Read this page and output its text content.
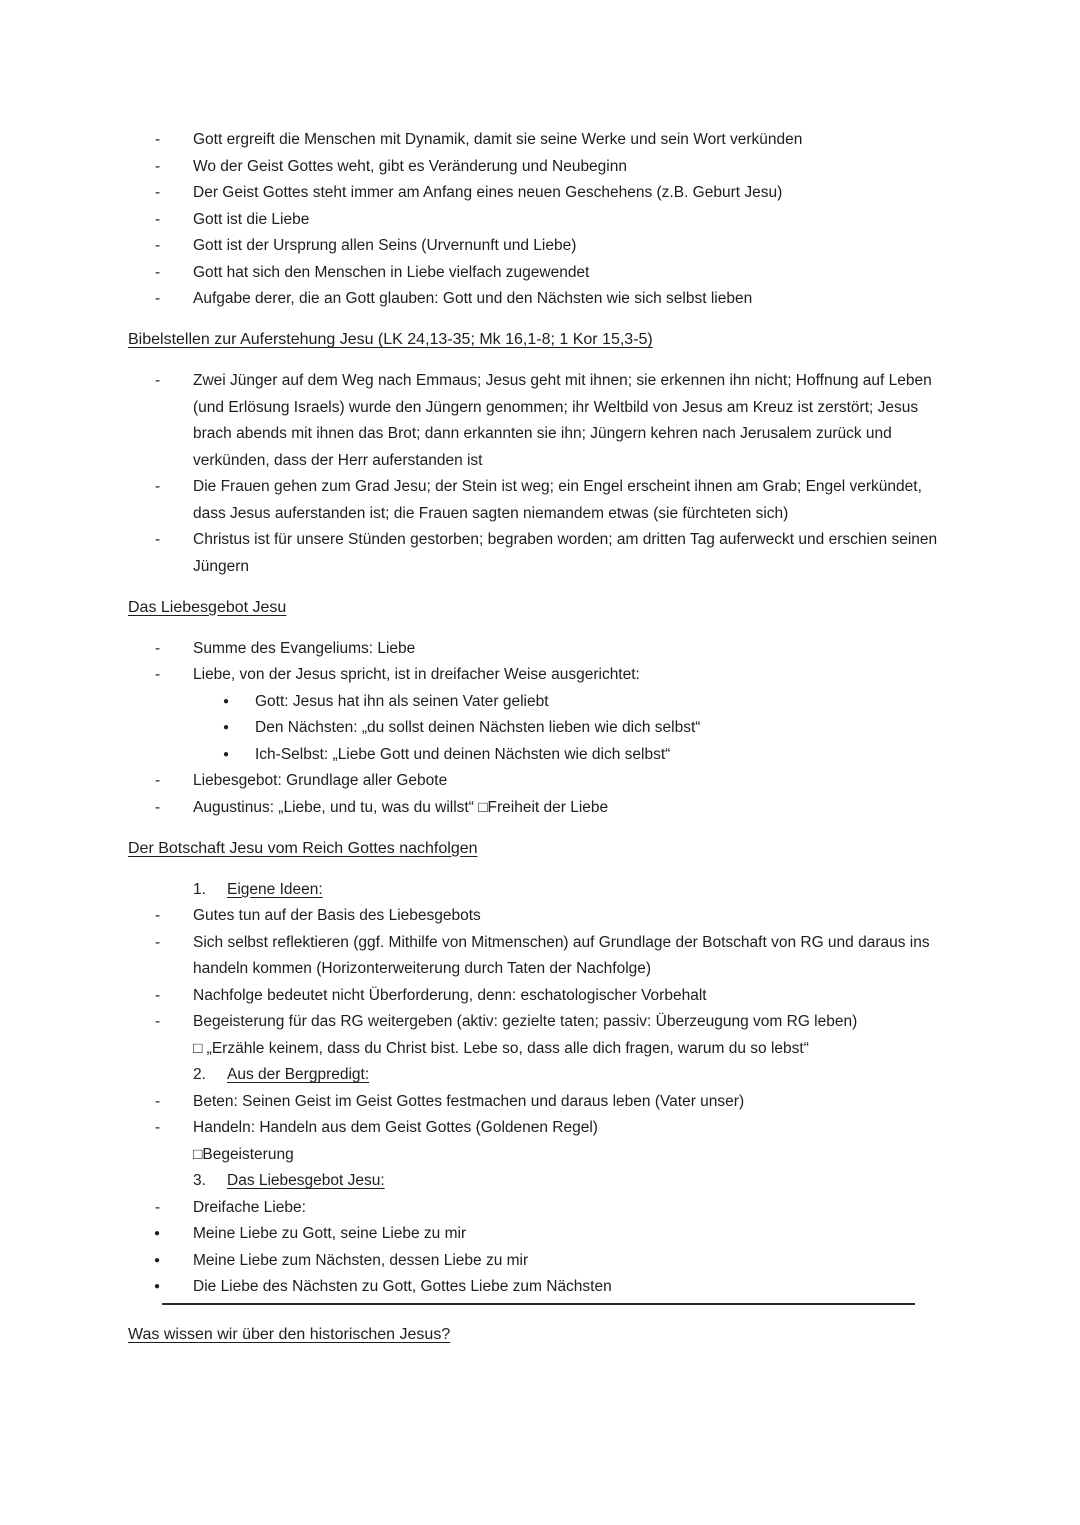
- Gott ergreift die Menschen mit Dynamik, damit sie seine Werke und sein Wort verkünden
- Wo der Geist Gottes weht, gibt es Veränderung und Neubeginn
- Der Geist Gottes steht immer am Anfang eines neuen Geschehens (z.B. Geburt Jesu)
- Gott ist die Liebe
- Gott ist der Ursprung allen Seins (Urvernunft und Liebe)
- Gott hat sich den Menschen in Liebe vielfach zugewendet
- Aufgabe derer, die an Gott glauben: Gott und den Nächsten wie sich selbst lieben
Bibelstellen zur Auferstehung Jesu (LK 24,13-35; Mk 16,1-8; 1 Kor 15,3-5)
- Zwei Jünger auf dem Weg nach Emmaus; Jesus geht mit ihnen; sie erkennen ihn nicht; Hoffnung auf Leben (und Erlösung Israels) wurde den Jüngern genommen; ihr Weltbild von Jesus am Kreuz ist zerstört; Jesus brach abends mit ihnen das Brot; dann erkannten sie ihn; Jüngern kehren nach Jerusalem zurück und verkünden, dass der Herr auferstanden ist
- Die Frauen gehen zum Grad Jesu; der Stein ist weg; ein Engel erscheint ihnen am Grab; Engel verkündet, dass Jesus auferstanden ist; die Frauen sagten niemandem etwas (sie fürchteten sich)
- Christus ist für unsere Stünden gestorben; begraben worden; am dritten Tag auferweckt und erschien seinen Jüngern
Das Liebesgebot Jesu
- Summe des Evangeliums: Liebe
- Liebe, von der Jesus spricht, ist in dreifacher Weise ausgerichtet:
● Gott: Jesus hat ihn als seinen Vater geliebt
● Den Nächsten: „du sollst deinen Nächsten lieben wie dich selbst“
● Ich-Selbst: „Liebe Gott und deinen Nächsten wie dich selbst“
- Liebesgebot: Grundlage aller Gebote
- Augustinus: „Liebe, und tu, was du willst“ □Freiheit der Liebe
Der Botschaft Jesu vom Reich Gottes nachfolgen
1. Eigene Ideen:
- Gutes tun auf der Basis des Liebesgebots
- Sich selbst reflektieren (ggf. Mithilfe von Mitmenschen) auf Grundlage der Botschaft von RG und daraus ins handeln kommen (Horizonterweiterung durch Taten der Nachfolge)
- Nachfolge bedeutet nicht Überforderung, denn: eschatologischer Vorbehalt
- Begeisterung für das RG weitergeben (aktiv: gezielte taten; passiv: Überzeugung vom RG leben)
□ „Erzähle keinem, dass du Christ bist. Lebe so, dass alle dich fragen, warum du so lebst“
2. Aus der Bergpredigt:
- Beten: Seinen Geist im Geist Gottes festmachen und daraus leben (Vater unser)
- Handeln: Handeln aus dem Geist Gottes (Goldenen Regel)
□Begeisterung
3. Das Liebesgebot Jesu:
- Dreifache Liebe:
● Meine Liebe zu Gott, seine Liebe zu mir
● Meine Liebe zum Nächsten, dessen Liebe zu mir
● Die Liebe des Nächsten zu Gott, Gottes Liebe zum Nächsten
Was wissen wir über den historischen Jesus?
